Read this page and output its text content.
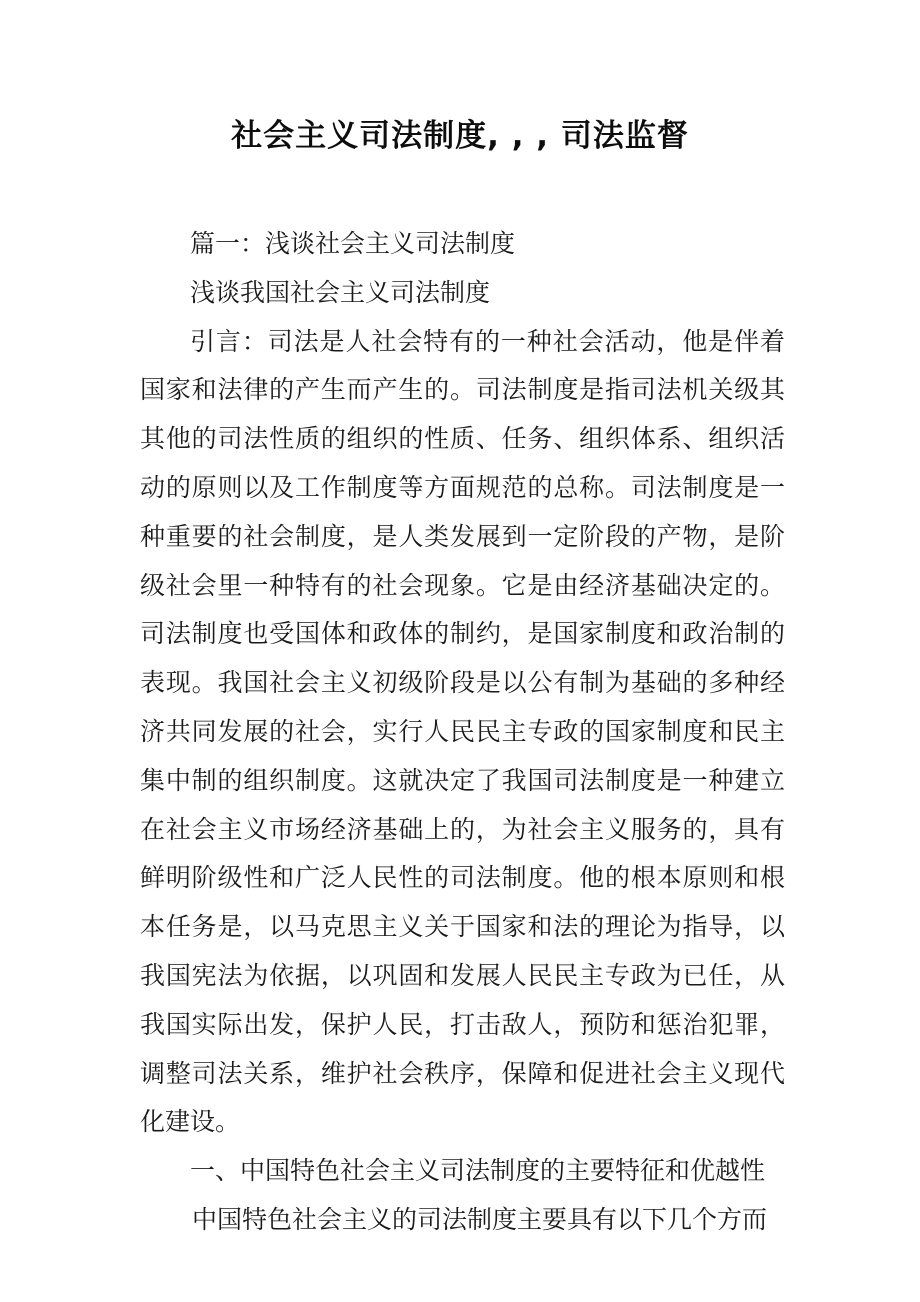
社会主义司法制度, , , 司法监督

篇一：浅谈社会主义司法制度

浅谈我国社会主义司法制度

引言：司法是人社会特有的一种社会活动，他是伴着国家和法律的产生而产生的。司法制度是指司法机关级其其他的司法性质的组织的性质、任务、组织体系、组织活动的原则以及工作制度等方面规范的总称。司法制度是一种重要的社会制度，是人类发展到一定阶段的产物，是阶级社会里一种特有的社会现象。它是由经济基础决定的。司法制度也受国体和政体的制约，是国家制度和政治制的表现。我国社会主义初级阶段是以公有制为基础的多种经济共同发展的社会，实行人民民主专政的国家制度和民主集中制的组织制度。这就决定了我国司法制度是一种建立在社会主义市场经济基础上的，为社会主义服务的，具有鲜明阶级性和广泛人民性的司法制度。他的根本原则和根本任务是，以马克思主义关于国家和法的理论为指导，以我国宪法为依据，以巩固和发展人民民主专政为已任，从我国实际出发，保护人民，打击敌人，预防和惩治犯罪，调整司法关系，维护社会秩序，保障和促进社会主义现代化建设。

一、中国特色社会主义司法制度的主要特征和优越性

中国特色社会主义的司法制度主要具有以下几个方而
